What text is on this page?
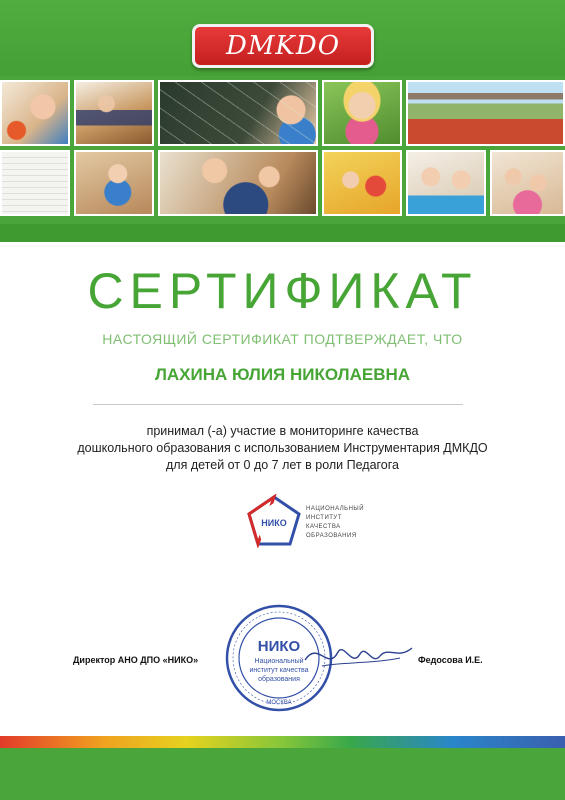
DMKDO
СЕРТИФИКАТ
НАСТОЯЩИЙ СЕРТИФИКАТ ПОДТВЕРЖДАЕТ, ЧТО
ЛАХИНА ЮЛИЯ НИКОЛАЕВНА
принимал (-а) участие в мониторинге качества
дошкольного образования с использованием Инструментария ДМКДО
для детей от 0 до 7 лет в роли Педагога
НИКО
НАЦИОНАЛЬНЫЙ
ИНСТИТУТ
КАЧЕСТВА
ОБРАЗОВАНИЯ
Директор АНО ДПО «НИКО»
НИКО
Национальный
институт качества
образования
МОСКВА
Федосова И.Е.
